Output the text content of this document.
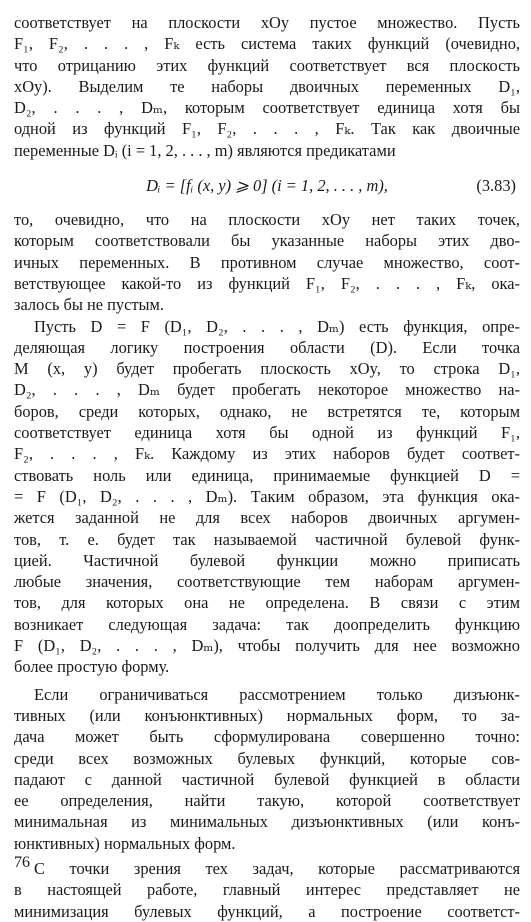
соответствует на плоскости xOy пустое множество. Пусть
F₁, F₂, . . . , Fₖ есть система таких функций (очевидно,
что отрицанию этих функций соответствует вся плоскость
xOy). Выделим те наборы двоичных переменных D₁,
D₂, . . . , Dₘ, которым соответствует единица хотя бы
одной из функций F₁, F₂, . . . , Fₖ. Так как двоичные
переменные Dᵢ (i = 1, 2, . . . , m) являются предикатами
Dᵢ = [fᵢ (x, y) ⩾ 0] (i = 1, 2, . . . , m),	(3.83)
то, очевидно, что на плоскости xOy нет таких точек,
которым соответствовали бы указанные наборы этих дво-
ичных переменных. В противном случае множество, соот-
ветствующее какой-то из функций F₁, F₂, . . . , Fₖ, ока-
залось бы не пустым.
Пусть D = F (D₁, D₂, . . . , Dₘ) есть функция, опре-
деляющая логику построения области (D). Если точка
M (x, y) будет пробегать плоскость xOy, то строка D₁,
D₂, . . . , Dₘ будет пробегать некоторое множество на-
боров, среди которых, однако, не встретятся те, которым
соответствует единица хотя бы одной из функций F₁,
F₂, . . . , Fₖ. Каждому из этих наборов будет соответ-
ствовать ноль или единица, принимаемые функцией D =
= F (D₁, D₂, . . . , Dₘ). Таким образом, эта функция ока-
жется заданной не для всех наборов двоичных аргумен-
тов, т. е. будет так называемой частичной булевой функ-
цией. Частичной булевой функции можно приписать
любые значения, соответствующие тем наборам аргумен-
тов, для которых она не определена. В связи с этим
возникает следующая задача: так доопределить функцию
F (D₁, D₂, . . . , Dₘ), чтобы получить для нее возможно
более простую форму.
Если ограничиваться рассмотрением только дизъюнк-
тивных (или конъюнктивных) нормальных форм, то за-
дача может быть сформулирована совершенно точно:
среди всех возможных булевых функций, которые сов-
падают с данной частичной булевой функцией в области
ее определения, найти такую, которой соответствует
минимальная из минимальных дизъюнктивных (или конъ-
юнктивных) нормальных форм.
С точки зрения тех задач, которые рассматриваются
в настоящей работе, главный интерес представляет не
минимизация булевых функций, а построение соответст-
76
